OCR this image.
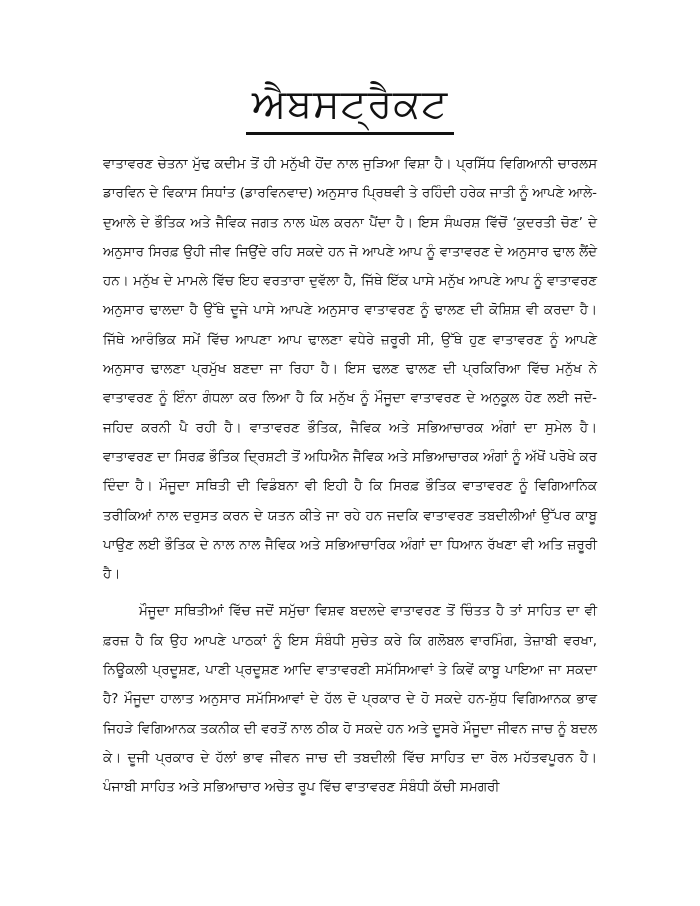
ਐਬਸਟ੍ਰੈਕਟ

ਵਾਤਾਵਰਣ ਚੇਤਨਾ ਮੁੱਢ ਕਦੀਮ ਤੋਂ ਹੀ ਮਨੁੱਖੀ ਹੋਂਦ ਨਾਲ ਜੁੜਿਆ ਵਿਸ਼ਾ ਹੈ। ਪ੍ਰਸਿੱਧ ਵਿਗਿਆਨੀ ਚਾਰਲਸ ਡਾਰਵਿਨ ਦੇ ਵਿਕਾਸ ਸਿਧਾਂਤ (ਡਾਰਵਿਨਵਾਦ) ਅਨੁਸਾਰ ਪ੍ਰਿਥਵੀ ਤੇ ਰਹਿੰਦੀ ਹਰੇਕ ਜਾਤੀ ਨੂੰ ਆਪਣੇ ਆਲੇ-ਦੁਆਲੇ ਦੇ ਭੌਤਿਕ ਅਤੇ ਜੈਵਿਕ ਜਗਤ ਨਾਲ ਘੋਲ ਕਰਨਾ ਪੈਂਦਾ ਹੈ। ਇਸ ਸੰਘਰਸ਼ ਵਿੱਚੋਂ ‘ਕੁਦਰਤੀ ਚੋਣ’ ਦੇ ਅਨੁਸਾਰ ਸਿਰਫ਼ ਉਹੀ ਜੀਵ ਜਿਉਂਦੇ ਰਹਿ ਸਕਦੇ ਹਨ ਜੋ ਆਪਣੇ ਆਪ ਨੂੰ ਵਾਤਾਵਰਣ ਦੇ ਅਨੁਸਾਰ ਢਾਲ ਲੈਂਦੇ ਹਨ। ਮਨੁੱਖ ਦੇ ਮਾਮਲੇ ਵਿੱਚ ਇਹ ਵਰਤਾਰਾ ਦੁਵੱਲਾ ਹੈ, ਜਿੱਥੇ ਇੱਕ ਪਾਸੇ ਮਨੁੱਖ ਆਪਣੇ ਆਪ ਨੂੰ ਵਾਤਾਵਰਣ ਅਨੁਸਾਰ ਢਾਲਦਾ ਹੈ ਉੱਥੇ ਦੂਜੇ ਪਾਸੇ ਆਪਣੇ ਅਨੁਸਾਰ ਵਾਤਾਵਰਣ ਨੂੰ ਢਾਲਣ ਦੀ ਕੋਸ਼ਿਸ਼ ਵੀ ਕਰਦਾ ਹੈ। ਜਿੱਥੇ ਆਰੰਭਿਕ ਸਮੇਂ ਵਿੱਚ ਆਪਣਾ ਆਪ ਢਾਲਣਾ ਵਧੇਰੇ ਜ਼ਰੂਰੀ ਸੀ, ਉੱਥੇ ਹੁਣ ਵਾਤਾਵਰਣ ਨੂੰ ਆਪਣੇ ਅਨੁਸਾਰ ਢਾਲਣਾ ਪ੍ਰਮੁੱਖ ਬਣਦਾ ਜਾ ਰਿਹਾ ਹੈ। ਇਸ ਢਲਣ ਢਾਲਣ ਦੀ ਪ੍ਰਕਿਰਿਆ ਵਿੱਚ ਮਨੁੱਖ ਨੇ ਵਾਤਾਵਰਣ ਨੂੰ ਇੰਨਾ ਗੰਧਲਾ ਕਰ ਲਿਆ ਹੈ ਕਿ ਮਨੁੱਖ ਨੂੰ ਮੌਜੂਦਾ ਵਾਤਾਵਰਣ ਦੇ ਅਨੁਕੂਲ ਹੋਣ ਲਈ ਜਦੋ-ਜਹਿਦ ਕਰਨੀ ਪੈ ਰਹੀ ਹੈ। ਵਾਤਾਵਰਣ ਭੌਤਿਕ, ਜੈਵਿਕ ਅਤੇ ਸਭਿਆਚਾਰਕ ਅੰਗਾਂ ਦਾ ਸੁਮੇਲ ਹੈ। ਵਾਤਾਵਰਣ ਦਾ ਸਿਰਫ਼ ਭੌਤਿਕ ਦ੍ਰਿਸ਼ਟੀ ਤੋਂ ਅਧਿਐਨ ਜੈਵਿਕ ਅਤੇ ਸਭਿਆਚਾਰਕ ਅੰਗਾਂ ਨੂੰ ਅੱਖੋਂ ਪਰੋਖੇ ਕਰ ਦਿੰਦਾ ਹੈ। ਮੌਜੂਦਾ ਸਥਿਤੀ ਦੀ ਵਿਡੰਬਨਾ ਵੀ ਇਹੀ ਹੈ ਕਿ ਸਿਰਫ਼ ਭੌਤਿਕ ਵਾਤਾਵਰਣ ਨੂੰ ਵਿਗਿਆਨਿਕ ਤਰੀਕਿਆਂ ਨਾਲ ਦਰੁਸਤ ਕਰਨ ਦੇ ਯਤਨ ਕੀਤੇ ਜਾ ਰਹੇ ਹਨ ਜਦਕਿ ਵਾਤਾਵਰਣ ਤਬਦੀਲੀਆਂ ਉੱਪਰ ਕਾਬੂ ਪਾਉਣ ਲਈ ਭੌਤਿਕ ਦੇ ਨਾਲ ਨਾਲ ਜੈਵਿਕ ਅਤੇ ਸਭਿਆਚਾਰਿਕ ਅੰਗਾਂ ਦਾ ਧਿਆਨ ਰੱਖਣਾ ਵੀ ਅਤਿ ਜ਼ਰੂਰੀ ਹੈ।

ਮੌਜੂਦਾ ਸਥਿਤੀਆਂ ਵਿੱਚ ਜਦੋਂ ਸਮੁੱਚਾ ਵਿਸ਼ਵ ਬਦਲਦੇ ਵਾਤਾਵਰਣ ਤੋਂ ਚਿੰਤਤ ਹੈ ਤਾਂ ਸਾਹਿਤ ਦਾ ਵੀ ਫ਼ਰਜ਼ ਹੈ ਕਿ ਉਹ ਆਪਣੇ ਪਾਠਕਾਂ ਨੂੰ ਇਸ ਸੰਬੰਧੀ ਸੁਚੇਤ ਕਰੇ ਕਿ ਗਲੋਬਲ ਵਾਰਮਿੰਗ, ਤੇਜ਼ਾਬੀ ਵਰਖਾ, ਨਿਊਕਲੀ ਪ੍ਰਦੂਸ਼ਣ, ਪਾਣੀ ਪ੍ਰਦੂਸ਼ਣ ਆਦਿ ਵਾਤਾਵਰਣੀ ਸਮੱਸਿਆਵਾਂ ਤੇ ਕਿਵੇਂ ਕਾਬੂ ਪਾਇਆ ਜਾ ਸਕਦਾ ਹੈ? ਮੌਜੂਦਾ ਹਾਲਾਤ ਅਨੁਸਾਰ ਸਮੱਸਿਆਵਾਂ ਦੇ ਹੱਲ ਦੋ ਪ੍ਰਕਾਰ ਦੇ ਹੋ ਸਕਦੇ ਹਨ-ਸ਼ੁੱਧ ਵਿਗਿਆਨਕ ਭਾਵ ਜਿਹੜੇ ਵਿਗਿਆਨਕ ਤਕਨੀਕ ਦੀ ਵਰਤੋਂ ਨਾਲ ਠੀਕ ਹੋ ਸਕਦੇ ਹਨ ਅਤੇ ਦੂਸਰੇ ਮੌਜੂਦਾ ਜੀਵਨ ਜਾਚ ਨੂੰ ਬਦਲ ਕੇ। ਦੂਜੀ ਪ੍ਰਕਾਰ ਦੇ ਹੱਲਾਂ ਭਾਵ ਜੀਵਨ ਜਾਚ ਦੀ ਤਬਦੀਲੀ ਵਿੱਚ ਸਾਹਿਤ ਦਾ ਰੋਲ ਮਹੱਤਵਪੂਰਨ ਹੈ। ਪੰਜਾਬੀ ਸਾਹਿਤ ਅਤੇ ਸਭਿਆਚਾਰ ਅਚੇਤ ਰੂਪ ਵਿੱਚ ਵਾਤਾਵਰਣ ਸੰਬੰਧੀ ਕੱਚੀ ਸਮਗਰੀ
